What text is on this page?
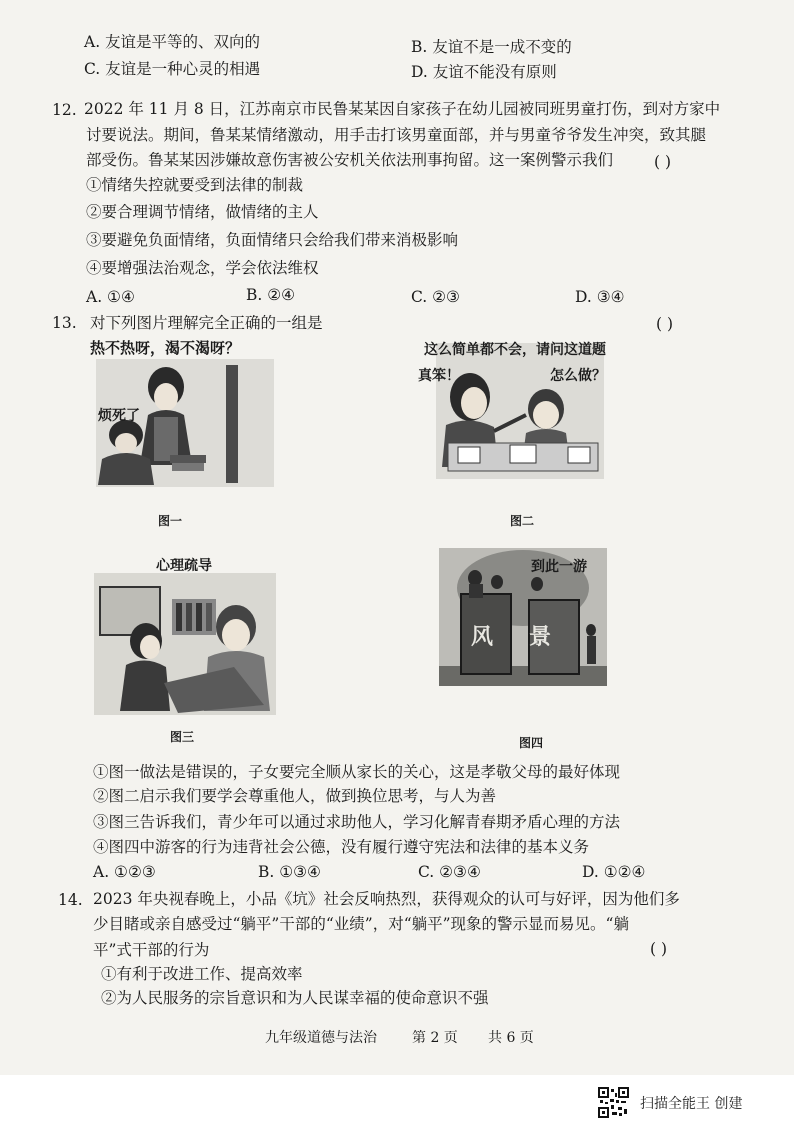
A. 友谊是平等的、双向的	B. 友谊不是一成不变的
C. 友谊是一种心灵的相遇	D. 友谊不能没有原则
12. 2022 年 11 月 8 日，江苏南京市民鲁某某因自家孩子在幼儿园被同班男童打伤，到对方家中
讨要说法。期间，鲁某某情绪激动，用手击打该男童面部，并与男童爷爷发生冲突，致其腿
部受伤。鲁某某因涉嫌故意伤害被公安机关依法刑事拘留。这一案例警示我们	( )
①情绪失控就要受到法律的制裁
②要合理调节情绪，做情绪的主人
③要避免负面情绪，负面情绪只会给我们带来消极影响
④要增强法治观念，学会依法维权
A. ①④	B. ②④	C. ②③	D. ③④
13. 对下列图片理解完全正确的一组是	( )
热不热呀，渴不渴呀？
烦死了
图一
这么简单都不会，
真笨！
请问这道题
怎么做？
图二
心理疏导
图三
到此一游
风景
图四
①图一做法是错误的，子女要完全顺从家长的关心，这是孝敬父母的最好体现
②图二启示我们要学会尊重他人，做到换位思考，与人为善
③图三告诉我们，青少年可以通过求助他人，学习化解青春期矛盾心理的方法
④图四中游客的行为违背社会公德，没有履行遵守宪法和法律的基本义务
A. ①②③	B. ①③④	C. ②③④	D. ①②④
14. 2023 年央视春晚上，小品《坑》社会反响热烈，获得观众的认可与好评，因为他们多
少目睹或亲自感受过“躺平”干部的“业绩”，对“躺平”现象的警示显而易见。“躺
平”式干部的行为	( )
①有利于改进工作、提高效率
②为人民服务的宗旨意识和为人民谋幸福的使命意识不强
九年级道德与法治	第 2 页 共 6 页
扫描全能王 创建
